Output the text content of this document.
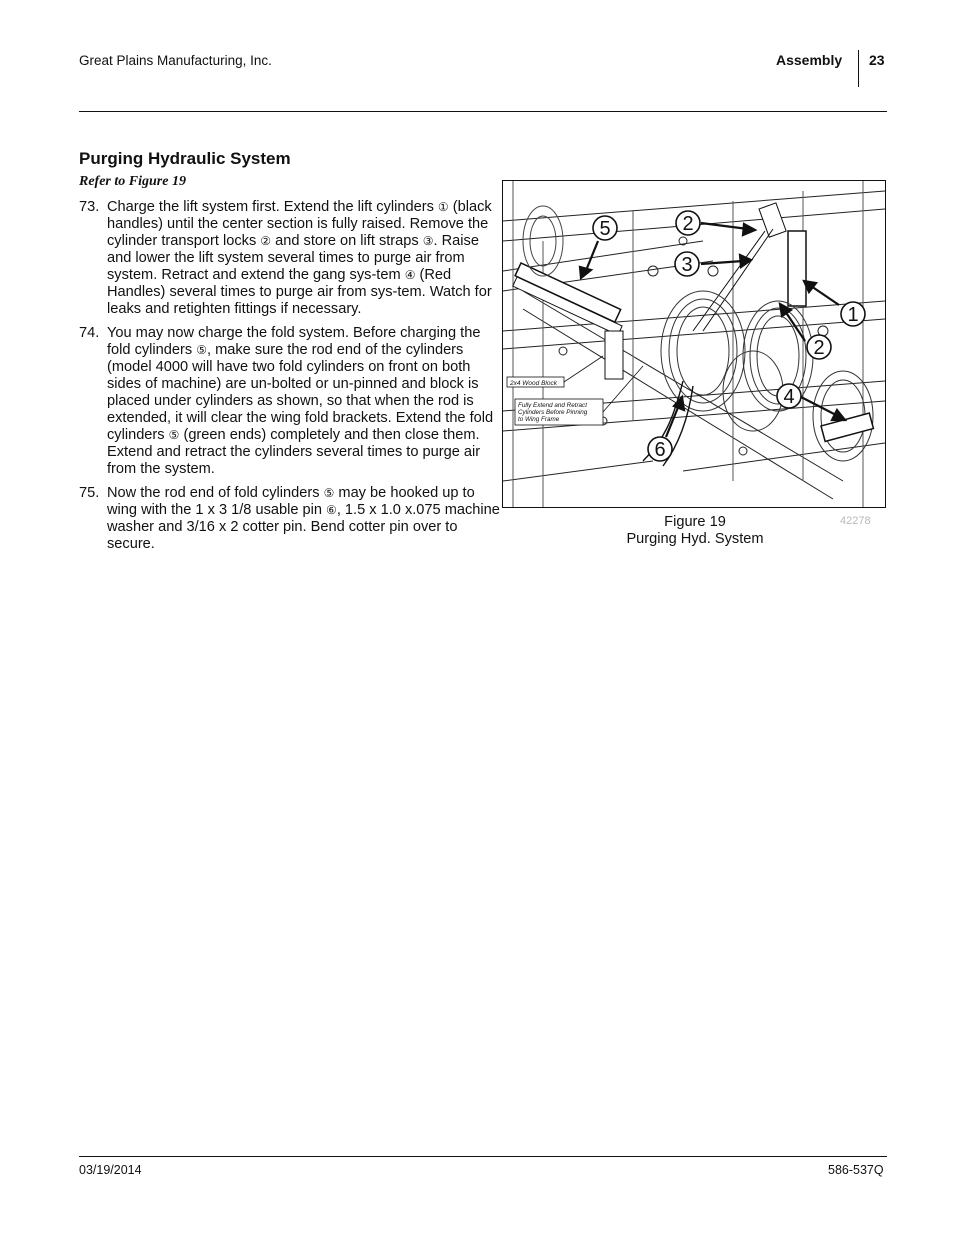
Great Plains Manufacturing, Inc.	Assembly 23
Purging Hydraulic System
Refer to Figure 19
73. Charge the lift system first. Extend the lift cylinders ① (black handles) until the center section is fully raised. Remove the cylinder transport locks ② and store on lift straps ③. Raise and lower the lift system several times to purge air from system. Retract and extend the gang sys-tem ④ (Red Handles) several times to purge air from sys-tem. Watch for leaks and retighten fittings if necessary.
74. You may now charge the fold system. Before charging the fold cylinders ⑤, make sure the rod end of the cylinders (model 4000 will have two fold cylinders on front on both sides of machine) are un-bolted or un-pinned and block is placed under cylinders as shown, so that when the rod is extended, it will clear the wing fold brackets. Extend the fold cylinders ⑤ (green ends) completely and then close them. Extend and retract the cylinders several times to purge air from the system.
75. Now the rod end of fold cylinders ⑤ may be hooked up to wing with the 1 x 3 1/8 usable pin ⑥, 1.5 x 1.0 x.075 machine washer and 3/16 x 2 cotter pin. Bend cotter pin over to secure.
2x4 Wood Block
Fully Extend and Retract
Cylinders Before Pinning
to Wing Frame
5	2
3
1
2
4
6
Figure 19
Purging Hyd. System
42278
03/19/2014	586-537Q
